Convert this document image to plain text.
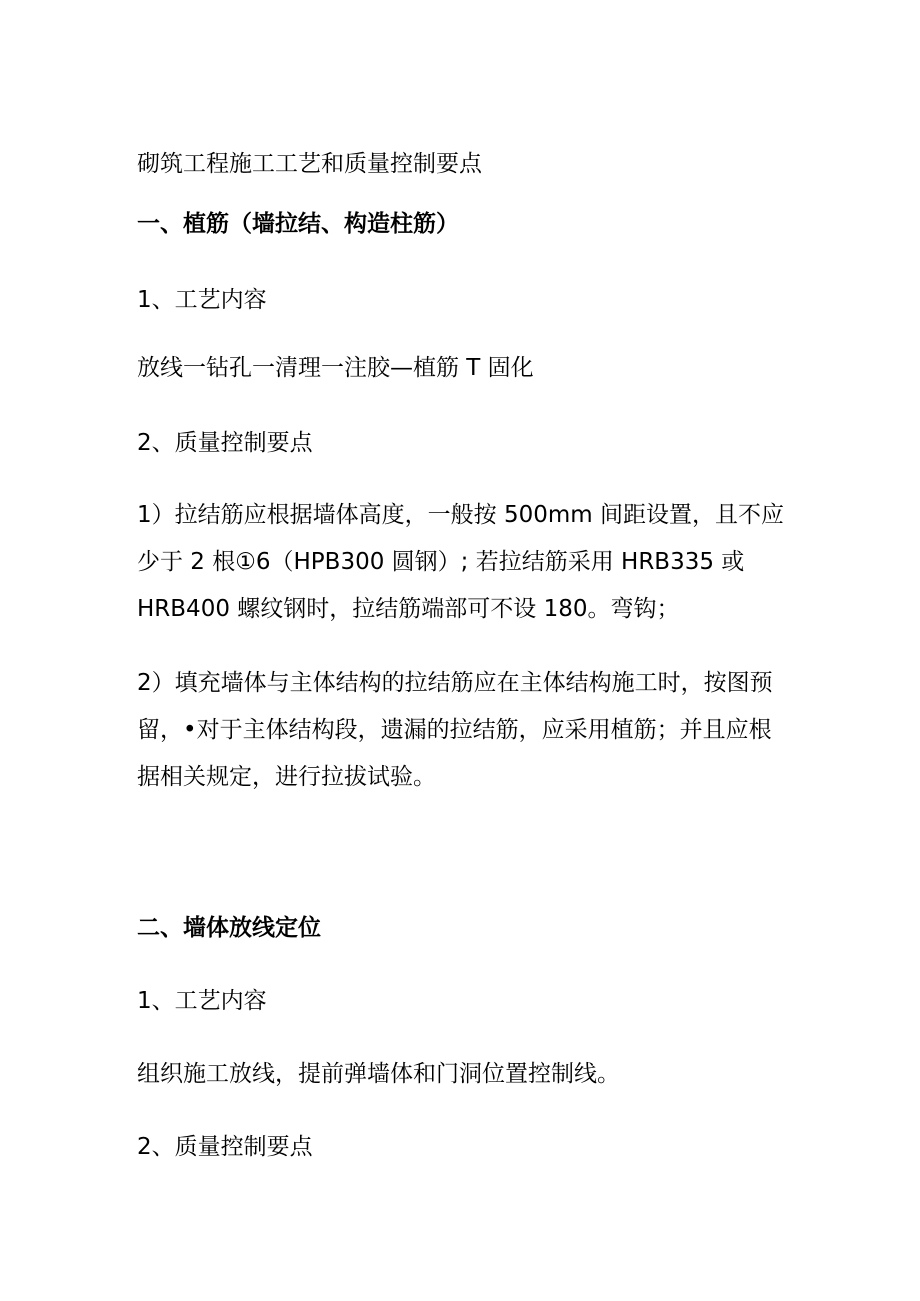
砌筑工程施工工艺和质量控制要点
一、植筋（墙拉结、构造柱筋）
1、工艺内容
放线一钻孔一清理一注胶—植筋 T 固化
2、质量控制要点
1）拉结筋应根据墙体高度，一般按 500mm 间距设置，且不应
少于 2 根①6（HPB300 圆钢）; 若拉结筋采用 HRB335 或
HRB400 螺纹钢时，拉结筋端部可不设 180。弯钩；
2）填充墙体与主体结构的拉结筋应在主体结构施工时，按图预
留，•对于主体结构段，遗漏的拉结筋，应采用植筋；并且应根
据相关规定，进行拉拔试验。
二、墙体放线定位
1、工艺内容
组织施工放线，提前弹墙体和门洞位置控制线。
2、质量控制要点
